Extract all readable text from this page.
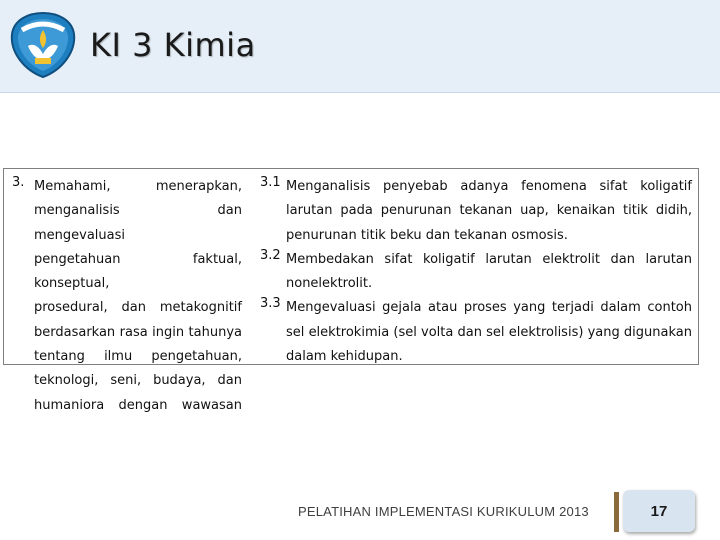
KI 3 Kimia
3. Memahami, menerapkan,
menganalisis dan mengevaluasi
pengetahuan faktual, konseptual,
prosedural, dan metakognitif
berdasarkan rasa ingin tahunya
tentang ilmu pengetahuan,
teknologi, seni, budaya, dan
humaniora dengan wawasan
3.1 Menganalisis penyebab adanya fenomena sifat koligatif larutan pada penurunan tekanan uap, kenaikan titik didih, penurunan titik beku dan tekanan osmosis.
3.2 Membedakan sifat koligatif larutan elektrolit dan larutan nonelektrolit.
3.3 Mengevaluasi gejala atau proses yang terjadi dalam contoh sel elektrokimia (sel volta dan sel elektrolisis) yang digunakan dalam kehidupan.
PELATIHAN IMPLEMENTASI KURIKULUM 2013	17
